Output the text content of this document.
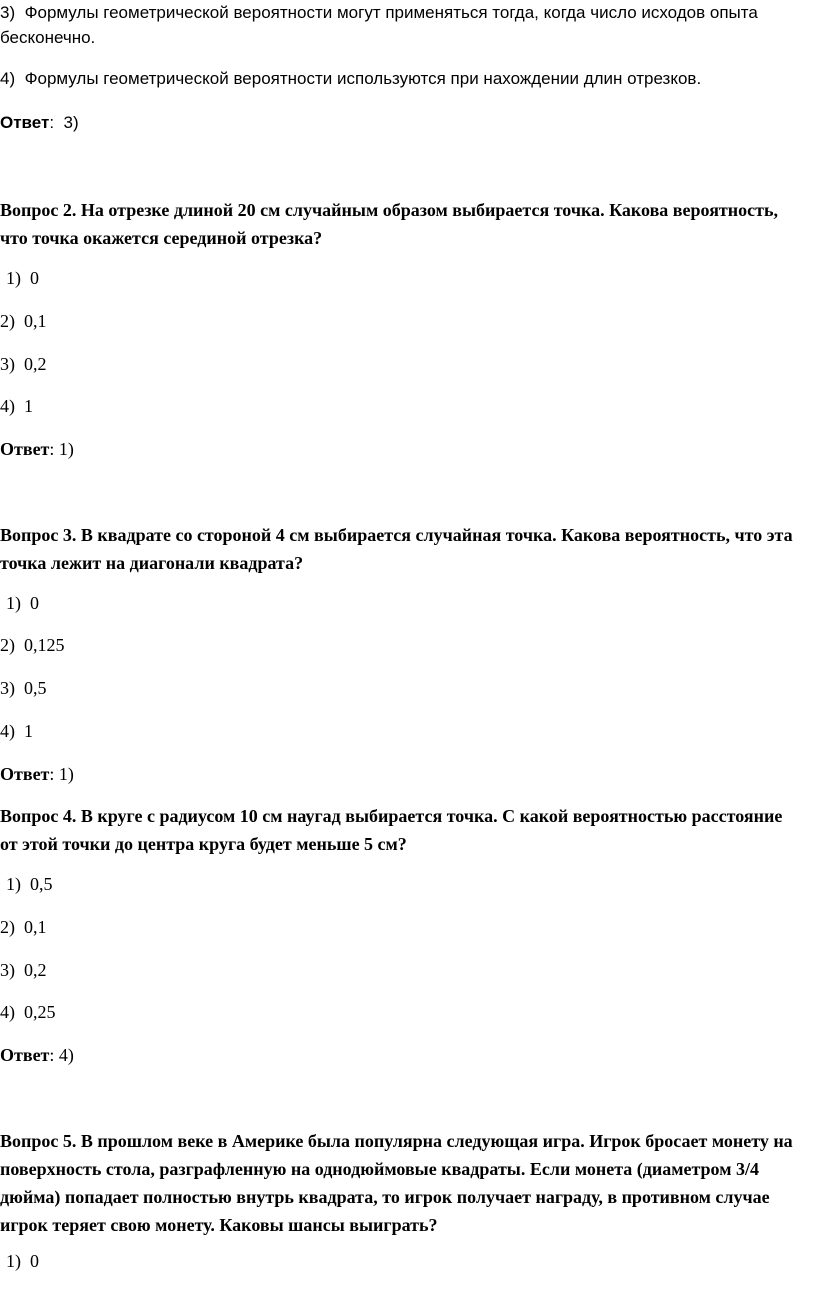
3) Формулы геометрической вероятности могут применяться тогда, когда число исходов опыта бесконечно.

4) Формулы геометрической вероятности используются при нахождении длин отрезков.

Ответ:  3)

Вопрос 2. На отрезке длиной 20 см случайным образом выбирается точка. Какова вероятность, что точка окажется серединой отрезка?

1) 0

2) 0,1

3) 0,2

4) 1

Ответ: 1)

Вопрос 3. В квадрате со стороной 4 см выбирается случайная точка. Какова вероятность, что эта точка лежит на диагонали квадрата?

1) 0

2) 0,125

3) 0,5

4) 1

Ответ: 1)

Вопрос 4. В круге с радиусом 10 см наугад выбирается точка. С какой вероятностью расстояние от этой точки до центра круга будет меньше 5 см?

1) 0,5

2) 0,1

3) 0,2

4) 0,25

Ответ: 4)

Вопрос 5. В прошлом веке в Америке была популярна следующая игра. Игрок бросает монету на поверхность стола, разграфленную на однодюймовые квадраты. Если монета (диаметром 3/4 дюйма) попадает полностью внутрь квадрата, то игрок получает награду, в противном случае игрок теряет свою монету. Каковы шансы выиграть?

1) 0
